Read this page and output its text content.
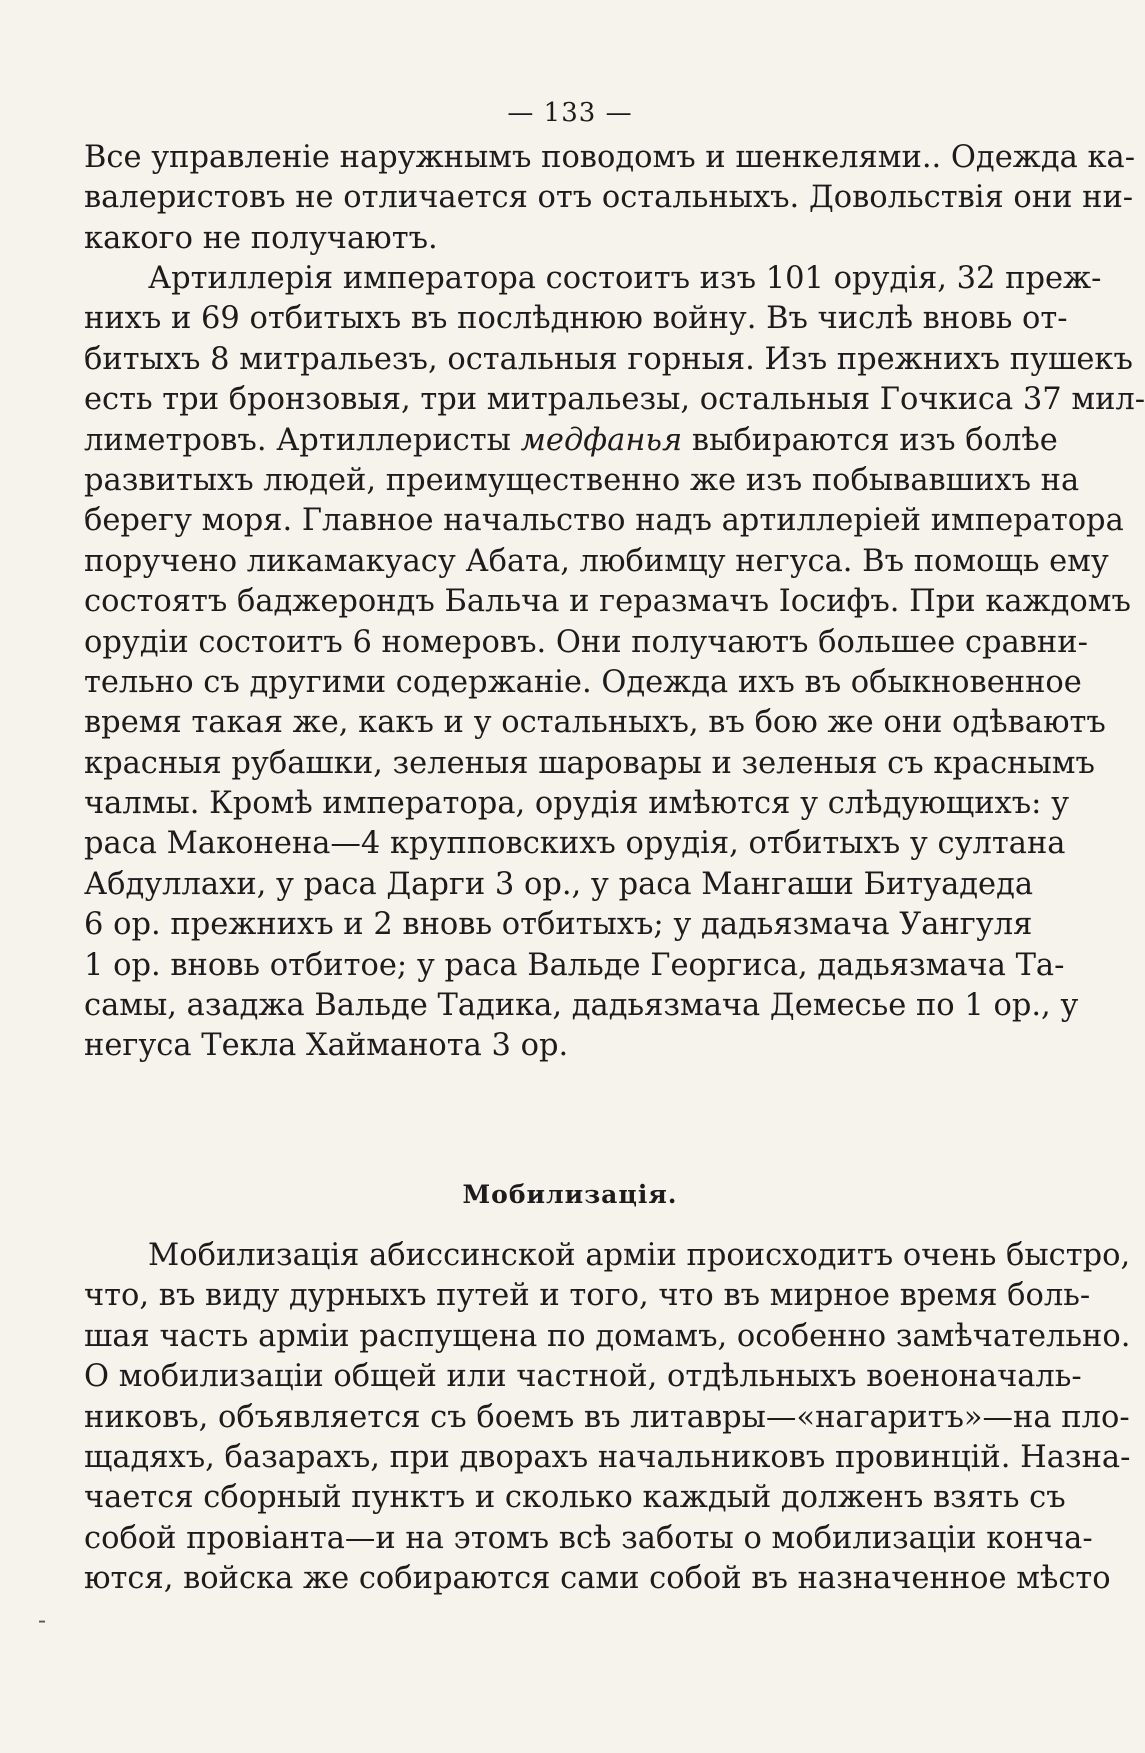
— 133 —
Все управленіе наружнымъ поводомъ и шенкелями.. Одежда ка-
валеристовъ не отличается отъ остальныхъ. Довольствія они ни-
какого не получаютъ.
Артиллерія императора состоитъ изъ 101 орудія, 32 преж-
нихъ и 69 отбитыхъ въ послѣднюю войну. Въ числѣ вновь от-
битыхъ 8 митральезъ, остальныя горныя. Изъ прежнихъ пушекъ
есть три бронзовыя, три митральезы, остальныя Гочкиса 37 мил-
лиметровъ. Артиллеристы медфанья выбираются изъ болѣе
развитыхъ людей, преимущественно же изъ побывавшихъ на
берегу моря. Главное начальство надъ артиллеріей императора
поручено ликамакуасу Абата, любимцу негуса. Въ помощь ему
состоятъ баджерондъ Бальча и геразмачъ Іосифъ. При каждомъ
орудіи состоитъ 6 номеровъ. Они получаютъ большее сравни-
тельно съ другими содержаніе. Одежда ихъ въ обыкновенное
время такая же, какъ и у остальныхъ, въ бою же они одѣваютъ
красныя рубашки, зеленыя шаровары и зеленыя съ краснымъ
чалмы. Кромѣ императора, орудія имѣются у слѣдующихъ: у
раса Маконена—4 крупповскихъ орудія, отбитыхъ у султана
Абдуллахи, у раса Дарги 3 ор., у раса Мангаши Битуадеда
6 ор. прежнихъ и 2 вновь отбитыхъ; у дадьязмача Уангуля
1 ор. вновь отбитое; у раса Вальде Георгиса, дадьязмача Та-
самы, азаджа Вальде Тадика, дадьязмача Демесье по 1 ор., у
негуса Текла Хайманота 3 ор.
Мобилизація.
Мобилизація абиссинской арміи происходитъ очень быстро,
что, въ виду дурныхъ путей и того, что въ мирное время боль-
шая часть арміи распущена по домамъ, особенно замѣчательно.
О мобилизаціи общей или частной, отдѣльныхъ военоначаль-
никовъ, объявляется съ боемъ въ литавры—«нагаритъ»—на пло-
щадяхъ, базарахъ, при дворахъ начальниковъ провинцій. Назна-
чается сборный пунктъ и сколько каждый долженъ взять съ
собой провіанта—и на этомъ всѣ заботы о мобилизаціи конча-
ются, войска же собираются сами собой въ назначенное мѣсто
-
